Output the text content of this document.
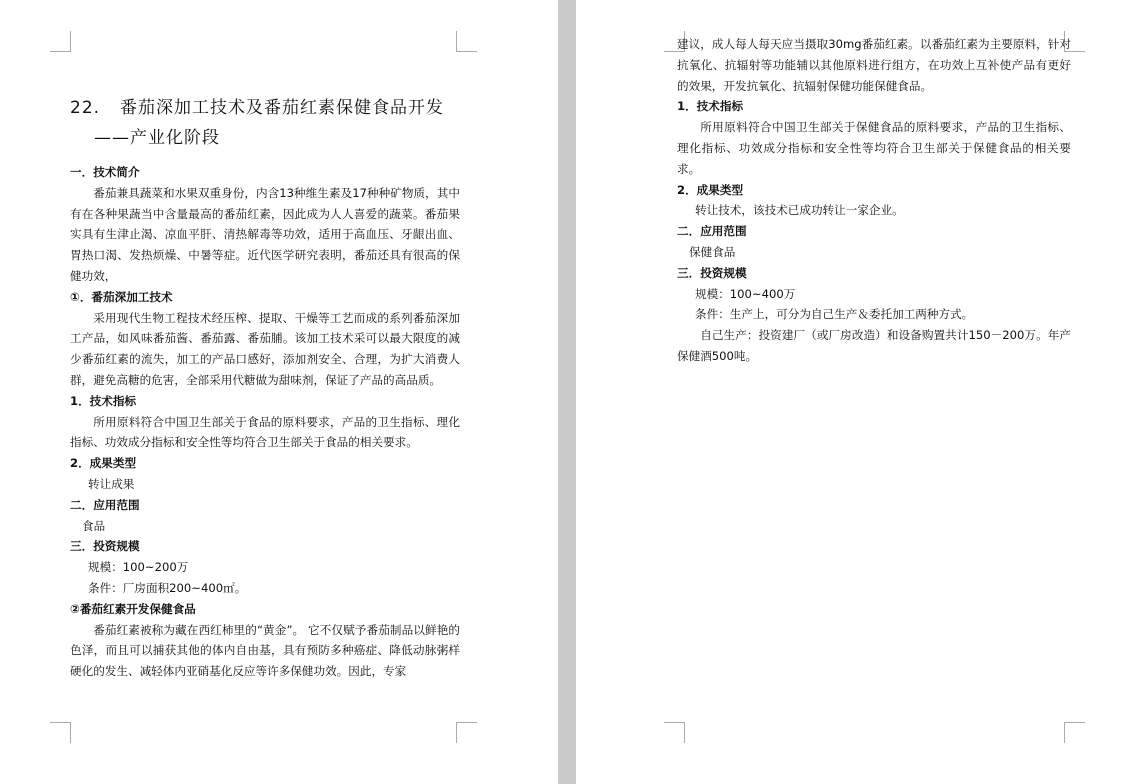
22. 番茄深加工技术及番茄红素保健食品开发
——产业化阶段
一．技术简介
番茄兼具蔬菜和水果双重身份，内含13种维生素及17种种矿物质，其中有在各种果蔬当中含量最高的番茄红素，因此成为人人喜爱的蔬菜。番茄果实具有生津止渴、凉血平肝、清热解毒等功效，适用于高血压、牙龈出血、胃热口渴、发热烦燥、中暑等症。近代医学研究表明，番茄还具有很高的保健功效，
①．番茄深加工技术
采用现代生物工程技术经压榨、提取、干燥等工艺而成的系列番茄深加工产品，如风味番茄酱、番茄露、番茄脯。该加工技术采可以最大限度的减少番茄红素的流失，加工的产品口感好，添加剂安全、合理，为扩大消费人群，避免高糖的危害，全部采用代糖做为甜味剂，保证了产品的高品质。
1．技术指标
所用原料符合中国卫生部关于食品的原料要求，产品的卫生指标、理化指标、功效成分指标和安全性等均符合卫生部关于食品的相关要求。
2．成果类型
转让成果
二．应用范围
食品
三．投资规模
规模：100~200万
条件：厂房面积200~400㎡。
②番茄红素开发保健食品
番茄红素被称为藏在西红柿里的“黄金”。 它不仅赋予番茄制品以鲜艳的色泽，而且可以捕获其他的体内自由基，具有预防多种癌症、降低动脉粥样硬化的发生、减轻体内亚硝基化反应等许多保健功效。因此，专家
建议，成人每人每天应当摄取30mg番茄红素。以番茄红素为主要原料，针对抗氧化、抗辐射等功能辅以其他原料进行组方，在功效上互补使产品有更好的效果，开发抗氧化、抗辐射保健功能保健食品。
1．技术指标
所用原料符合中国卫生部关于保健食品的原料要求，产品的卫生指标、理化指标、功效成分指标和安全性等均符合卫生部关于保健食品的相关要求。
2．成果类型
转让技术，该技术已成功转让一家企业。
二．应用范围
保健食品
三．投资规模
规模：100~400万
条件：生产上，可分为自己生产＆委托加工两种方式。
自己生产：投资建厂（或厂房改造）和设备购置共计150－200万。年产保健酒500吨。
